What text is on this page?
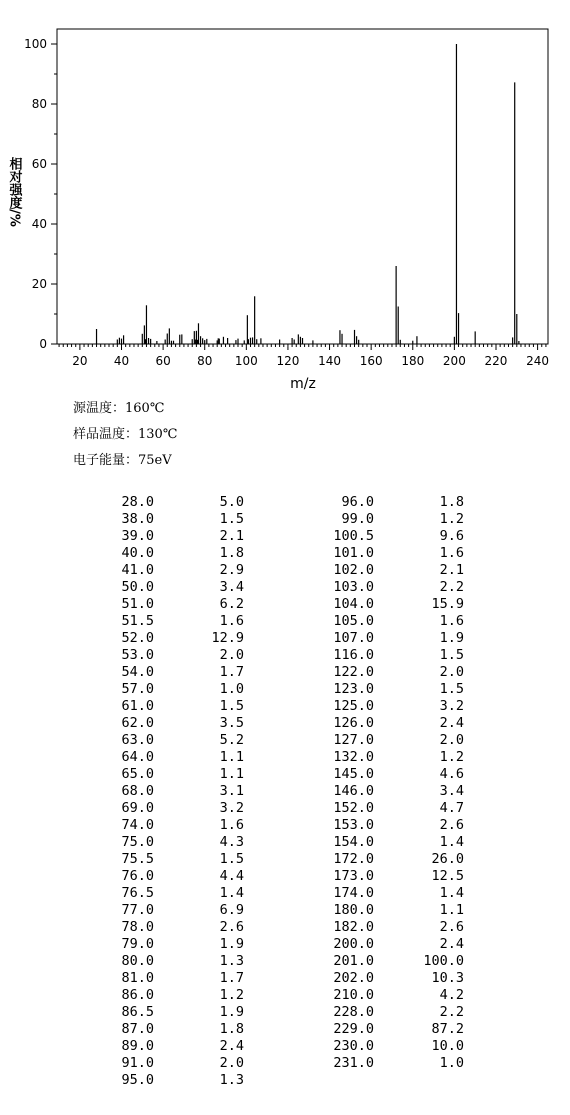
20 40 60 80 100 120 140 160 180 200 220 240
0
20
40
60
80
100
m/z
相对强度/%
源温度：160℃
样品温度：130℃
电子能量：75eV
28.0	5.0	96.0	1.8
38.0	1.5	99.0	1.2
39.0	2.1	100.5	9.6
40.0	1.8	101.0	1.6
41.0	2.9	102.0	2.1
50.0	3.4	103.0	2.2
51.0	6.2	104.0	15.9
51.5	1.6	105.0	1.6
52.0	12.9	107.0	1.9
53.0	2.0	116.0	1.5
54.0	1.7	122.0	2.0
57.0	1.0	123.0	1.5
61.0	1.5	125.0	3.2
62.0	3.5	126.0	2.4
63.0	5.2	127.0	2.0
64.0	1.1	132.0	1.2
65.0	1.1	145.0	4.6
68.0	3.1	146.0	3.4
69.0	3.2	152.0	4.7
74.0	1.6	153.0	2.6
75.0	4.3	154.0	1.4
75.5	1.5	172.0	26.0
76.0	4.4	173.0	12.5
76.5	1.4	174.0	1.4
77.0	6.9	180.0	1.1
78.0	2.6	182.0	2.6
79.0	1.9	200.0	2.4
80.0	1.3	201.0	100.0
81.0	1.7	202.0	10.3
86.0	1.2	210.0	4.2
86.5	1.9	228.0	2.2
87.0	1.8	229.0	87.2
89.0	2.4	230.0	10.0
91.0	2.0	231.0	1.0
95.0	1.3
